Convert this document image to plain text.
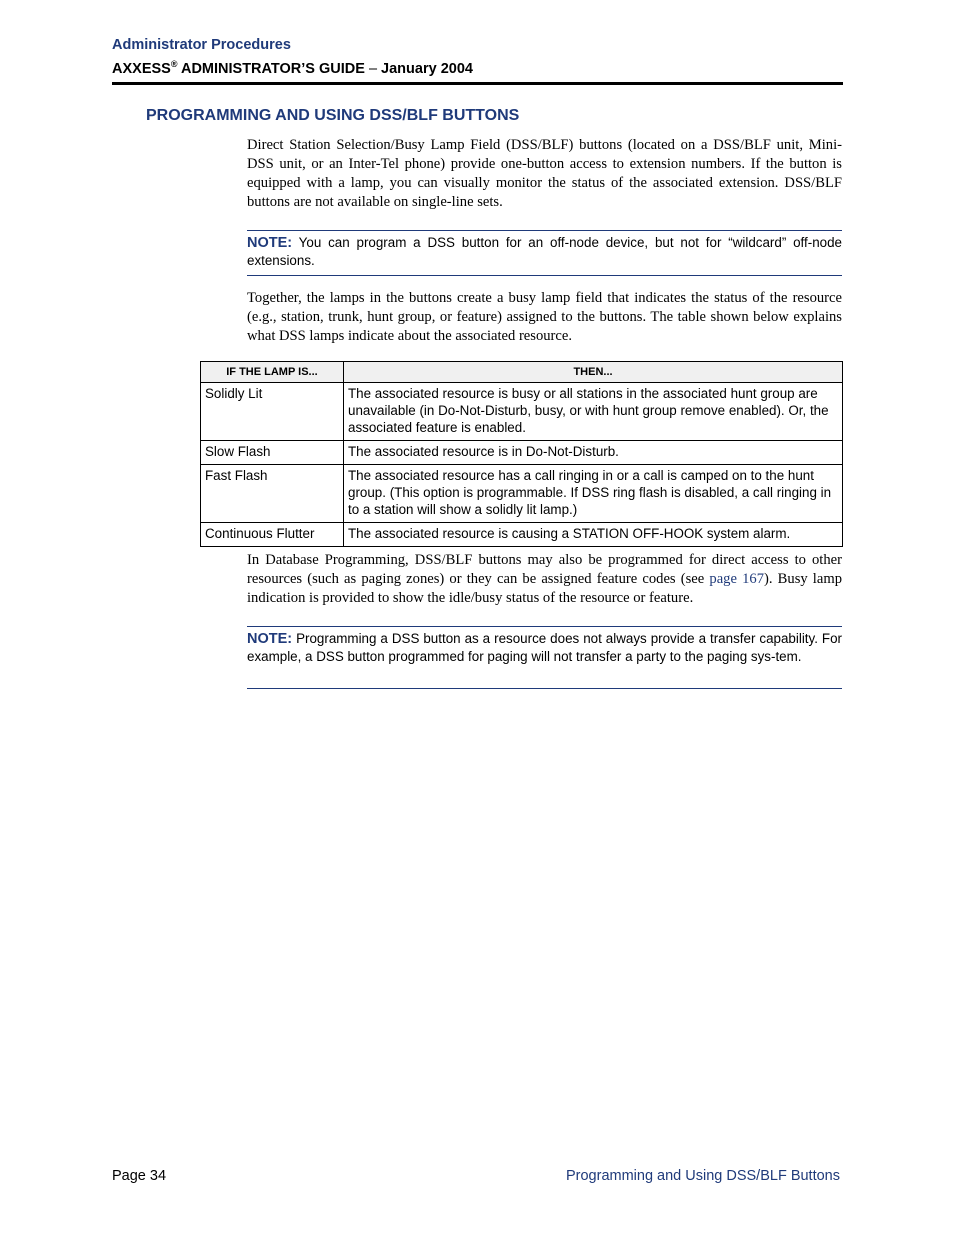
Administrator Procedures
AXXESS® ADMINISTRATOR’S GUIDE – January 2004
PROGRAMMING AND USING DSS/BLF BUTTONS

Direct Station Selection/Busy Lamp Field (DSS/BLF) buttons (located on a DSS/BLF unit, Mini-DSS unit, or an Inter-Tel phone) provide one-button access to extension numbers. If the button is equipped with a lamp, you can visually monitor the status of the associated extension. DSS/BLF buttons are not available on single-line sets.

NOTE: You can program a DSS button for an off-node device, but not for “wildcard” off-node extensions.

Together, the lamps in the buttons create a busy lamp field that indicates the status of the resource (e.g., station, trunk, hunt group, or feature) assigned to the buttons. The table shown below explains what DSS lamps indicate about the associated resource.

IF THE LAMP IS...	THEN...
Solidly Lit	The associated resource is busy or all stations in the associated hunt group are unavailable (in Do-Not-Disturb, busy, or with hunt group remove enabled). Or, the associated feature is enabled.
Slow Flash	The associated resource is in Do-Not-Disturb.
Fast Flash	The associated resource has a call ringing in or a call is camped on to the hunt group. (This option is programmable. If DSS ring flash is disabled, a call ringing in to a station will show a solidly lit lamp.)
Continuous Flutter	The associated resource is causing a STATION OFF-HOOK system alarm.

In Database Programming, DSS/BLF buttons may also be programmed for direct access to other resources (such as paging zones) or they can be assigned feature codes (see page 167). Busy lamp indication is provided to show the idle/busy status of the resource or feature.

NOTE: Programming a DSS button as a resource does not always provide a transfer capability. For example, a DSS button programmed for paging will not transfer a party to the paging sys-tem.
Page 34	Programming and Using DSS/BLF Buttons
